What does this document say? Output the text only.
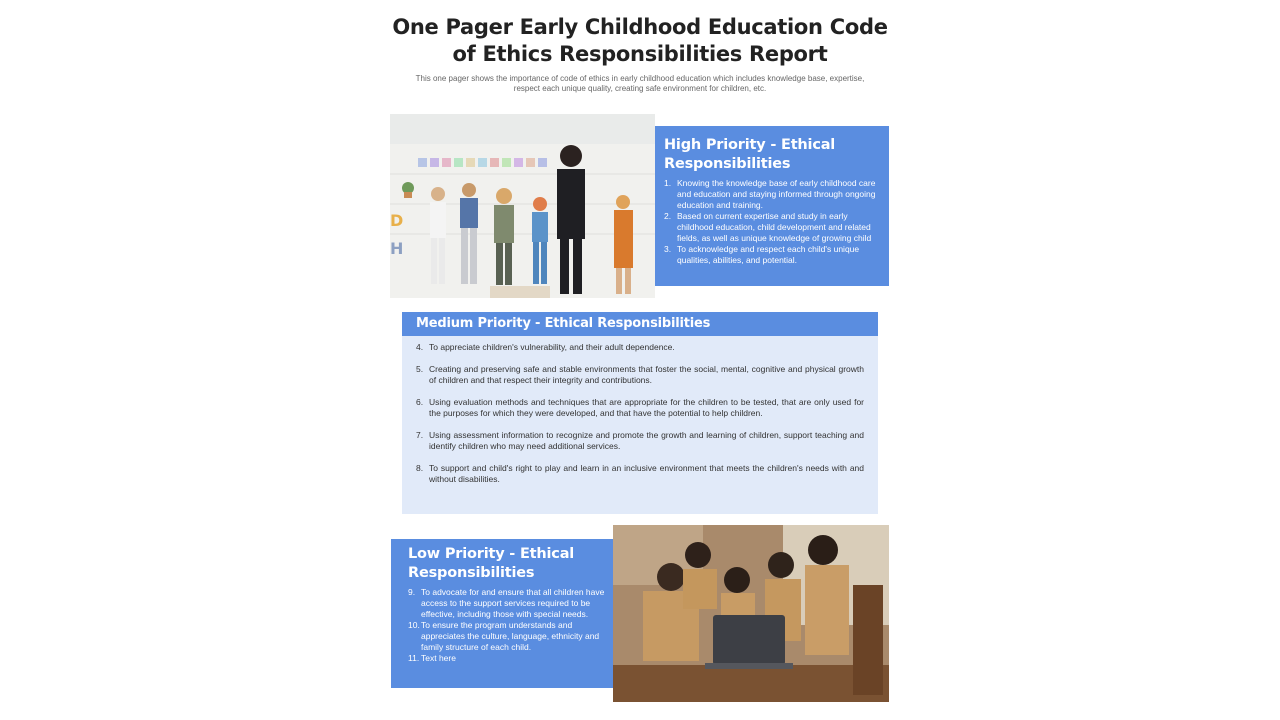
One Pager Early Childhood Education Code of Ethics Responsibilities Report
This one pager shows the importance of code of ethics in early childhood education which includes knowledge base, expertise, respect each unique quality, creating safe environment for children, etc.
D
H
High Priority - Ethical Responsibilities
1. Knowing the knowledge base of early childhood care and education and staying informed through ongoing education and training.
2. Based on current expertise and study in early childhood education, child development and related fields, as well as unique knowledge of growing child
3. To acknowledge and respect each child's unique qualities, abilities, and potential.
Medium Priority - Ethical Responsibilities
4. To appreciate children's vulnerability, and their adult dependence.
5. Creating and preserving safe and stable environments that foster the social, mental, cognitive and physical growth of children and that respect their integrity and contributions.
6. Using evaluation methods and techniques that are appropriate for the children to be tested, that are only used for the purposes for which they were developed, and that have the potential to help children.
7. Using assessment information to recognize and promote the growth and learning of children, support teaching and identify children who may need additional services.
8. To support and child's right to play and learn in an inclusive environment that meets the children's needs with and without disabilities.
Low Priority - Ethical Responsibilities
9. To advocate for and ensure that all children have access to the support services required to be effective, including those with special needs.
10. To ensure the program understands and appreciates the culture, language, ethnicity and family structure of each child.
11. Text here
